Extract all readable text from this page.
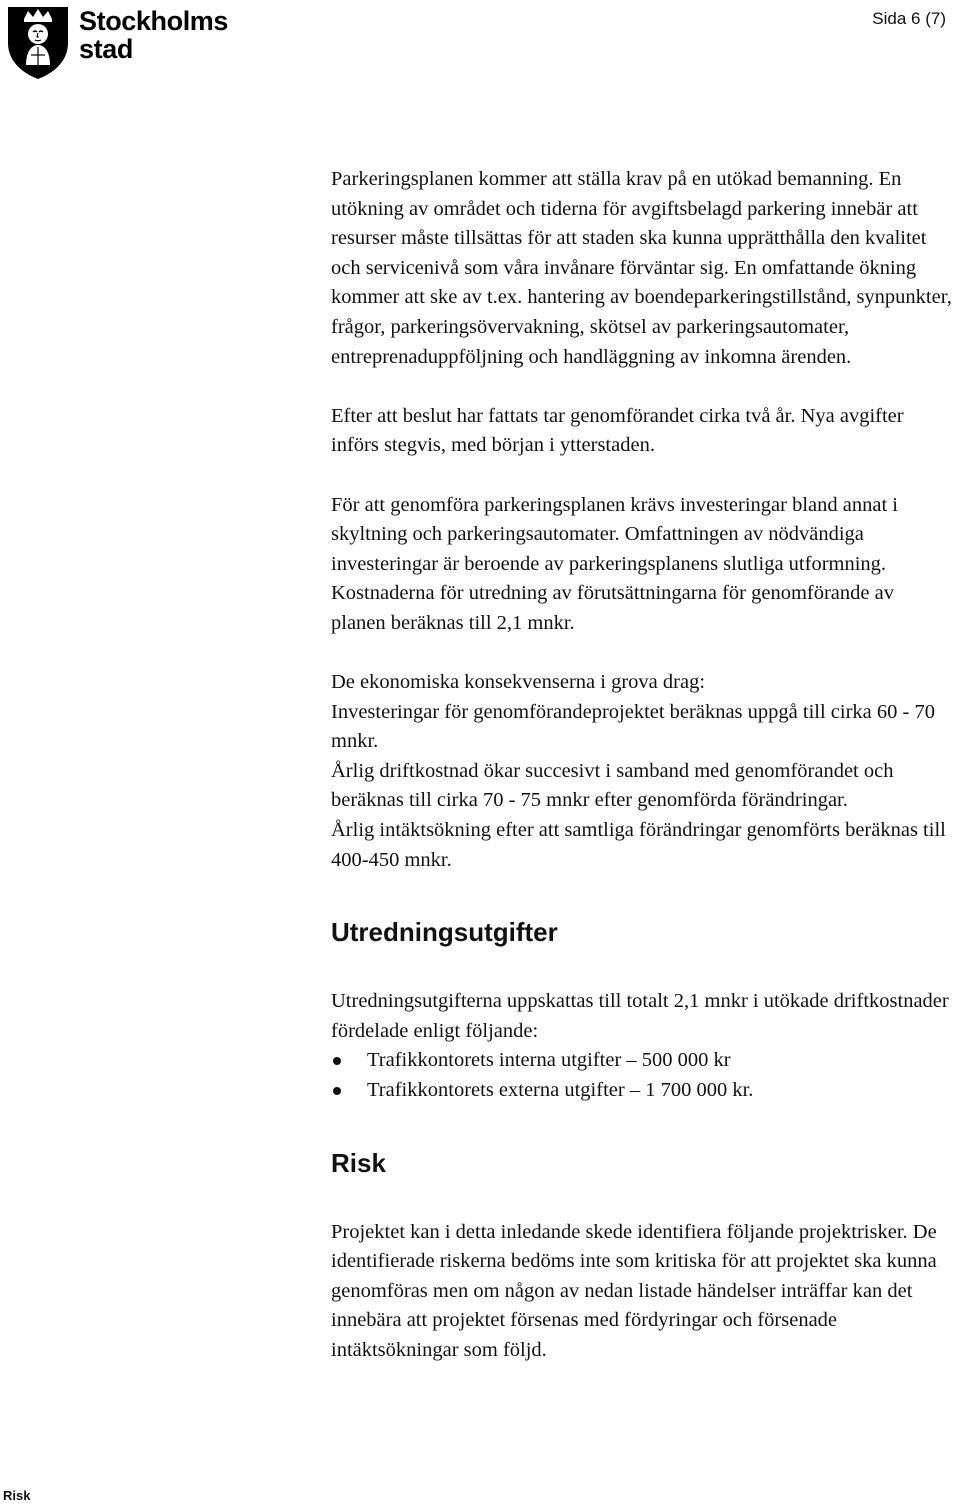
Stockholms
stad
Sida 6 (7)

Parkeringsplanen kommer att ställa krav på en utökad bemanning. En utökning av området och tiderna för avgiftsbelagd parkering innebär att resurser måste tillsättas för att staden ska kunna upprätthålla den kvalitet och servicenivå som våra invånare förväntar sig. En omfattande ökning kommer att ske av t.ex. hantering av boendeparkeringstillstånd, synpunkter, frågor, parkeringsövervakning, skötsel av parkeringsautomater, entreprenaduppföljning och handläggning av inkomna ärenden.

Efter att beslut har fattats tar genomförandet cirka två år. Nya avgifter införs stegvis, med början i ytterstaden.

För att genomföra parkeringsplanen krävs investeringar bland annat i skyltning och parkeringsautomater. Omfattningen av nödvändiga investeringar är beroende av parkeringsplanens slutliga utformning. Kostnaderna för utredning av förutsättningarna för genomförande av planen beräknas till 2,1 mnkr.

De ekonomiska konsekvenserna i grova drag:

Investeringar för genomförandeprojektet beräknas uppgå till cirka 60 - 70 mnkr.

Årlig driftkostnad ökar succesivt i samband med genomförandet och beräknas till cirka 70 - 75 mnkr efter genomförda förändringar.

Årlig intäktsökning efter att samtliga förändringar genomförts beräknas till 400-450 mnkr.

Utredningsutgifter

Utredningsutgifterna uppskattas till totalt 2,1 mnkr i utökade driftkostnader fördelade enligt följande:

Trafikkontorets interna utgifter – 500 000 kr
Trafikkontorets externa utgifter – 1 700 000 kr.
Risk

Projektet kan i detta inledande skede identifiera följande projektrisker. De identifierade riskerna bedöms inte som kritiska för att projektet ska kunna genomföras men om någon av nedan listade händelser inträffar kan det innebära att projektet försenas med fördyringar och försenade intäktsökningar som följd.

Risk
